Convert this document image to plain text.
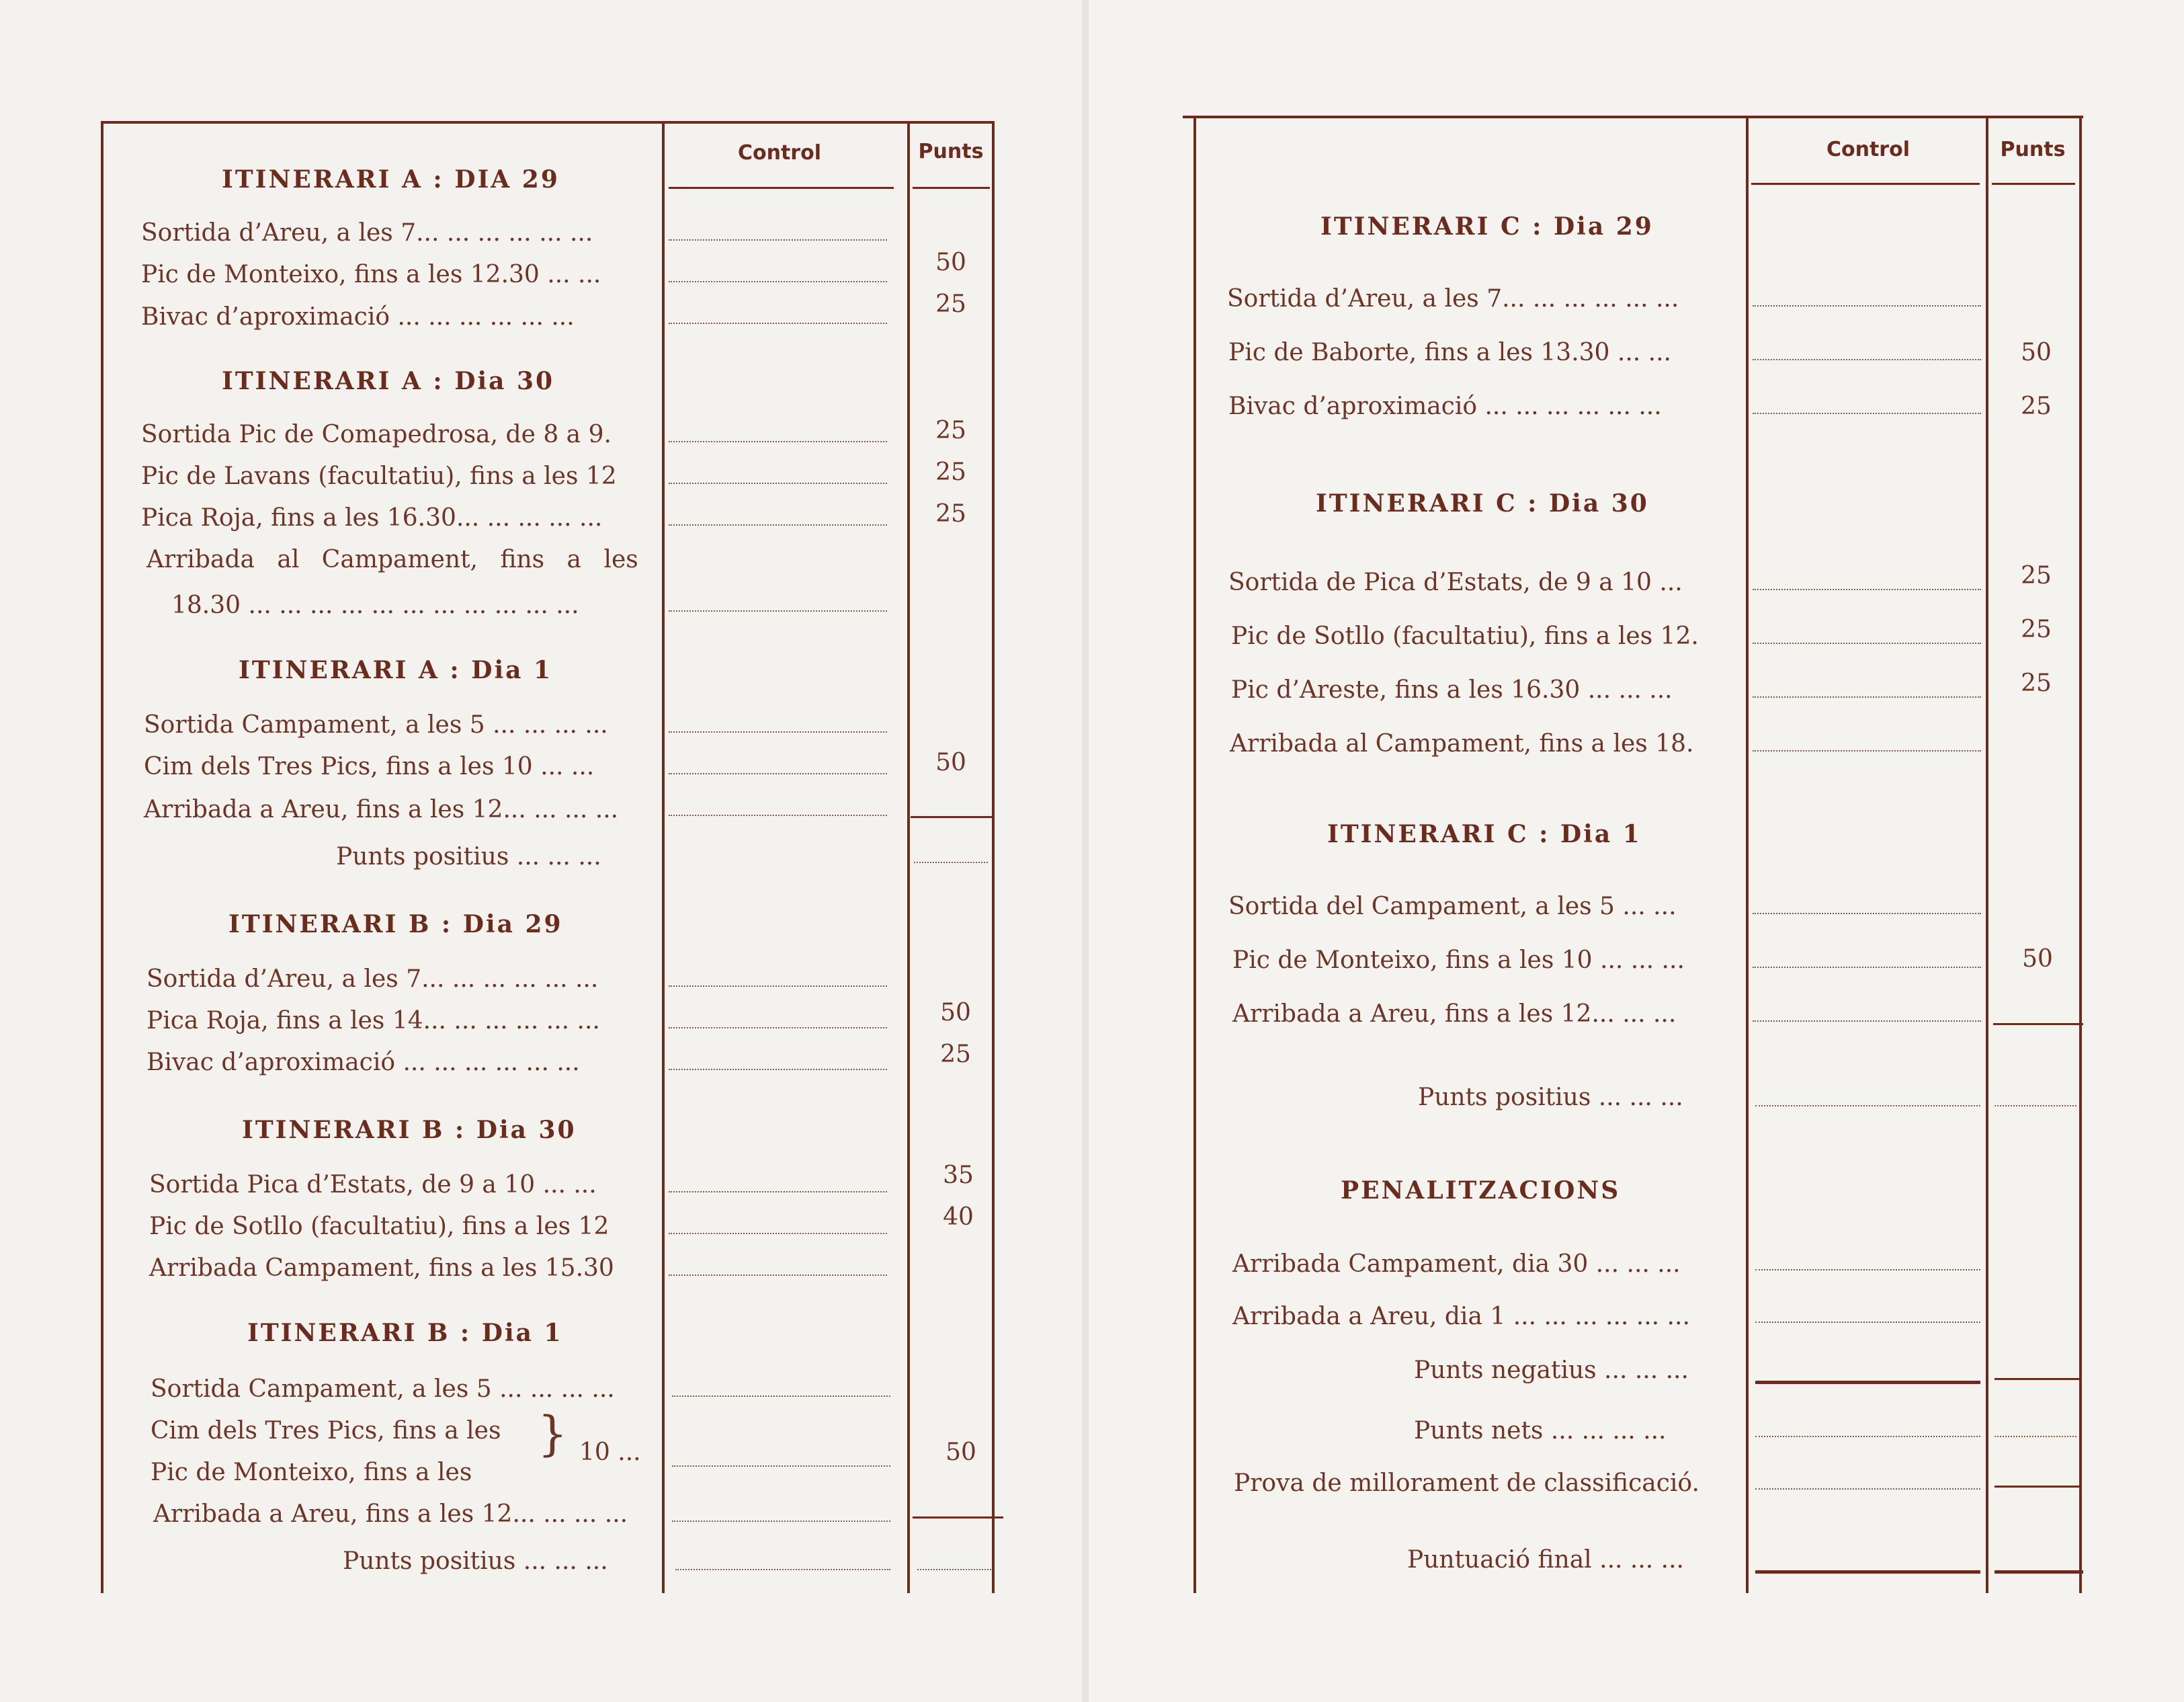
Control	Punts
ITINERARI A : DIA 29
Sortida d’Areu, a les 7... ... ... ... ... ...
Pic de Monteixo, fins a les 12.30 ... ...
Bivac d’aproximació ... ... ... ... ... ...
50
25
ITINERARI A : Dia 30
Sortida Pic de Comapedrosa, de 8 a 9.
Pic de Lavans (facultatiu), fins a les 12
Pica Roja, fins a les 16.30... ... ... ... ...
Arribada al Campament, fins a les
18.30 ... ... ... ... ... ... ... ... ... ... ...
25
25
25
ITINERARI A : Dia 1
Sortida Campament, a les 5 ... ... ... ...
Cim dels Tres Pics, fins a les 10 ... ...
Arribada a Areu, fins a les 12... ... ... ...
50
Punts positius ... ... ...
ITINERARI B : Dia 29
Sortida d’Areu, a les 7... ... ... ... ... ...
Pica Roja, fins a les 14... ... ... ... ... ...
Bivac d’aproximació ... ... ... ... ... ...
50
25
ITINERARI B : Dia 30
Sortida Pica d’Estats, de 9 a 10 ... ...
Pic de Sotllo (facultatiu), fins a les 12
Arribada Campament, fins a les 15.30
35
40
ITINERARI B : Dia 1
Sortida Campament, a les 5 ... ... ... ...
Cim dels Tres Pics, fins a les
Pic de Monteixo, fins a les
} 10 ...
Arribada a Areu, fins a les 12... ... ... ...
50
Punts positius ... ... ...
Control	Punts
ITINERARI C : Dia 29
Sortida d’Areu, a les 7... ... ... ... ... ...
Pic de Baborte, fins a les 13.30 ... ...
Bivac d’aproximació ... ... ... ... ... ...
50
25
ITINERARI C : Dia 30
Sortida de Pica d’Estats, de 9 a 10 ...
Pic de Sotllo (facultatiu), fins a les 12.
Pic d’Areste, fins a les 16.30 ... ... ...
Arribada al Campament, fins a les 18.
25
25
25
ITINERARI C : Dia 1
Sortida del Campament, a les 5 ... ...
Pic de Monteixo, fins a les 10 ... ... ...
Arribada a Areu, fins a les 12... ... ...
50
Punts positius ... ... ...
PENALITZACIONS
Arribada Campament, dia 30 ... ... ...
Arribada a Areu, dia 1 ... ... ... ... ... ...
Punts negatius ... ... ...
Punts nets ... ... ... ...
Prova de millorament de classificació.
Puntuació final ... ... ...
